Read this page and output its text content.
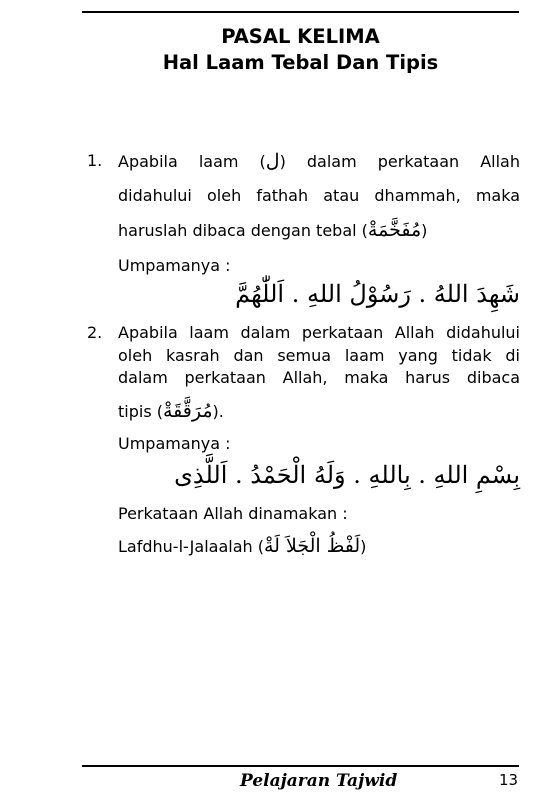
PASAL KELIMA
Hal Laam Tebal Dan Tipis
1. Apabila laam (ل) dalam perkataan Allah
didahului oleh fathah atau dhammah, maka
haruslah dibaca dengan tebal (مُفَخَّمَةْ)
Umpamanya :
شَهِدَ اللهُ . رَسُوْلُ اللهِ . اَللّٰهُمَّ
2. Apabila laam dalam perkataan Allah didahului
oleh kasrah dan semua laam yang tidak di
dalam perkataan Allah, maka harus dibaca
tipis (مُرَقَّقَةْ).
Umpamanya :
بِسْمِ اللهِ . بِاللهِ . وَلَهُ الْحَمْدُ . اَللَّذِى
Perkataan Allah dinamakan :
Lafdhu-l-Jalaalah (لَفْظُ الْجَلاَ لَةْ)
Pelajaran Tajwid	13
